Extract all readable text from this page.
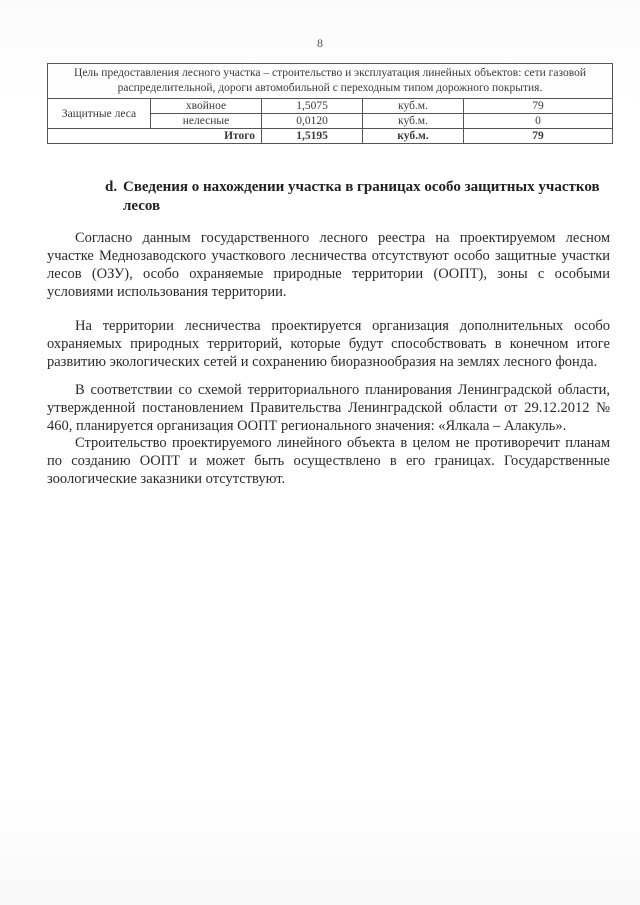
8
Цель предоставления лесного участка – строительство и эксплуатация линейных объектов: сети газовой распределительной, дороги автомобильной с переходным типом дорожного покрытия.				
Защитные леса	хвойное	1,5075	куб.м.	79
	нелесные	0,0120	куб.м.	0
Итого		1,5195	куб.м.	79
d. Сведения о нахождении участка в границах особо защитных участков
лесов

Согласно данным государственного лесного реестра на проектируемом лесном участке Меднозаводского участкового лесничества отсутствуют особо защитные участки лесов (ОЗУ), особо охраняемые природные территории (ООПТ), зоны с особыми условиями использования территории.

На территории лесничества проектируется организация дополнительных особо охраняемых природных территорий, которые будут способствовать в конечном итоге развитию экологических сетей и сохранению биоразнообразия на землях лесного фонда.

В соответствии со схемой территориального планирования Ленинградской области, утвержденной постановлением Правительства Ленинградской области от 29.12.2012 № 460, планируется организация ООПТ регионального значения: «Ялкала – Алакуль».

Строительство проектируемого линейного объекта в целом не противоречит планам по созданию ООПТ и может быть осуществлено в его границах. Государственные зоологические заказники отсутствуют.
